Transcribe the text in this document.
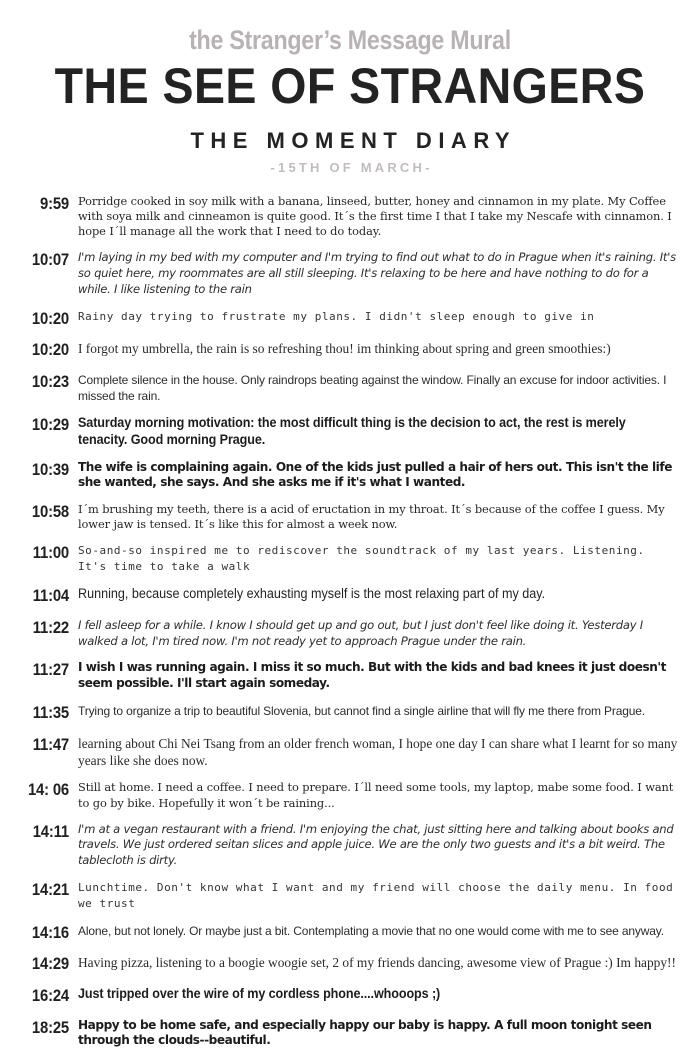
the Stranger’s Message Mural
THE SEE OF STRANGERS
THE MOMENT DIARY
-15TH OF MARCH-
9:59 Porridge cooked in soy milk with a banana, linseed, butter, honey and cinnamon in my plate. My Coffee with soya milk and cinneamon is quite good. It´s the first time I that I take my Nescafe with cinnamon. I hope I´ll manage all the work that I need to do today.
10:07 I'm laying in my bed with my computer and I'm trying to find out what to do in Prague when it's raining. It's so quiet here, my roommates are all still sleeping. It's relaxing to be here and have nothing to do for a while. I like listening to the rain
10:20 Rainy day trying to frustrate my plans. I didn't sleep enough to give in
10:20 I forgot my umbrella, the rain is so refreshing thou! im thinking about spring and green smoothies:)
10:23 Complete silence in the house. Only raindrops beating against the window. Finally an excuse for indoor activities. I missed the rain.
10:29 Saturday morning motivation: the most difficult thing is the decision to act, the rest is merely tenacity. Good morning Prague.
10:39 The wife is complaining again. One of the kids just pulled a hair of hers out. This isn't the life she wanted, she says. And she asks me if it's what I wanted.
10:58 I´m brushing my teeth, there is a acid of eructation in my throat. It´s because of the coffee I guess. My lower jaw is tensed. It´s like this for almost a week now.
11:00 So-and-so inspired me to rediscover the soundtrack of my last years. Listening. It's time to take a walk
11:04 Running, because completely exhausting myself is the most relaxing part of my day.
11:22 I fell asleep for a while. I know I should get up and go out, but I just don't feel like doing it. Yesterday I walked a lot, I'm tired now. I'm not ready yet to approach Prague under the rain.
11:27 I wish I was running again. I miss it so much. But with the kids and bad knees it just doesn't seem possible. I'll start again someday.
11:35 Trying to organize a trip to beautiful Slovenia, but cannot find a single airline that will fly me there from Prague.
11:47 learning about Chi Nei Tsang from an older french woman, I hope one day I can share what I learnt for so many years like she does now.
14: 06 Still at home. I need a coffee. I need to prepare. I´ll need some tools, my laptop, mabe some food. I want to go by bike. Hopefully it won´t be raining...
14:11 I'm at a vegan restaurant with a friend. I'm enjoying the chat, just sitting here and talking about books and travels. We just ordered seitan slices and apple juice. We are the only two guests and it's a bit weird. The tablecloth is dirty.
14:21 Lunchtime. Don't know what I want and my friend will choose the daily menu. In food we trust
14:16 Alone, but not lonely. Or maybe just a bit. Contemplating a movie that no one would come with me to see anyway.
14:29 Having pizza, listening to a boogie woogie set, 2 of my friends dancing, awesome view of Prague :) Im happy!!
16:24 Just tripped over the wire of my cordless phone....whooops ;)
18:25 Happy to be home safe, and especially happy our baby is happy. A full moon tonight seen through the clouds--beautiful.
